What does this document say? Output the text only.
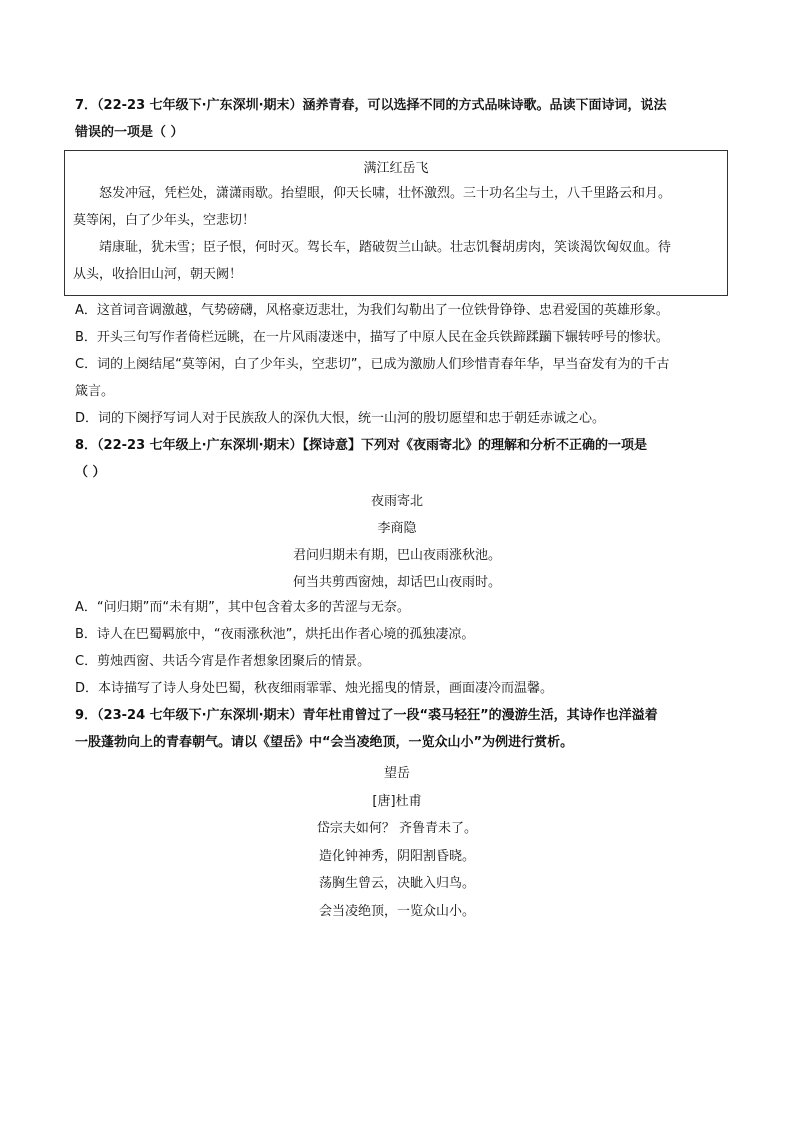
7．（22-23 七年级下·广东深圳·期末）涵养青春，可以选择不同的方式品味诗歌。品读下面诗词，说法
错误的一项是（ ）
满江红岳飞
怒发冲冠，凭栏处，潇潇雨歇。抬望眼，仰天长啸，壮怀激烈。三十功名尘与土，八千里路云和月。
莫等闲，白了少年头，空悲切！
靖康耻，犹未雪；臣子恨，何时灭。驾长车，踏破贺兰山缺。壮志饥餐胡虏肉，笑谈渴饮匈奴血。待
从头，收拾旧山河，朝天阙！
A．这首词音调激越，气势磅礴，风格豪迈悲壮，为我们勾勒出了一位铁骨铮铮、忠君爱国的英雄形象。
B．开头三句写作者倚栏远眺，在一片风雨凄迷中，描写了中原人民在金兵铁蹄蹂躏下辗转呼号的惨状。
C．词的上阕结尾“莫等闲，白了少年头，空悲切”，已成为激励人们珍惜青春年华，早当奋发有为的千古
箴言。
D．词的下阕抒写词人对于民族敌人的深仇大恨，统一山河的殷切愿望和忠于朝廷赤诚之心。
8．（22-23 七年级上·广东深圳·期末）【探诗意】下列对《夜雨寄北》的理解和分析不正确的一项是
（ ）
夜雨寄北
李商隐
君问归期未有期，巴山夜雨涨秋池。
何当共剪西窗烛，却话巴山夜雨时。
A．“问归期”而“未有期”，其中包含着太多的苦涩与无奈。
B．诗人在巴蜀羁旅中，“夜雨涨秋池”，烘托出作者心境的孤独凄凉。
C．剪烛西窗、共话今宵是作者想象团聚后的情景。
D．本诗描写了诗人身处巴蜀，秋夜细雨霏霏、烛光摇曳的情景，画面凄冷而温馨。
9．（23-24 七年级下·广东深圳·期末）青年杜甫曾过了一段“裘马轻狂”的漫游生活，其诗作也洋溢着
一股蓬勃向上的青春朝气。请以《望岳》中“会当凌绝顶，一览众山小”为例进行赏析。
望岳
[唐]杜甫
岱宗夫如何？ 齐鲁青未了。
造化钟神秀，阴阳割昏晓。
荡胸生曾云，决眦入归鸟。
会当凌绝顶，一览众山小。
